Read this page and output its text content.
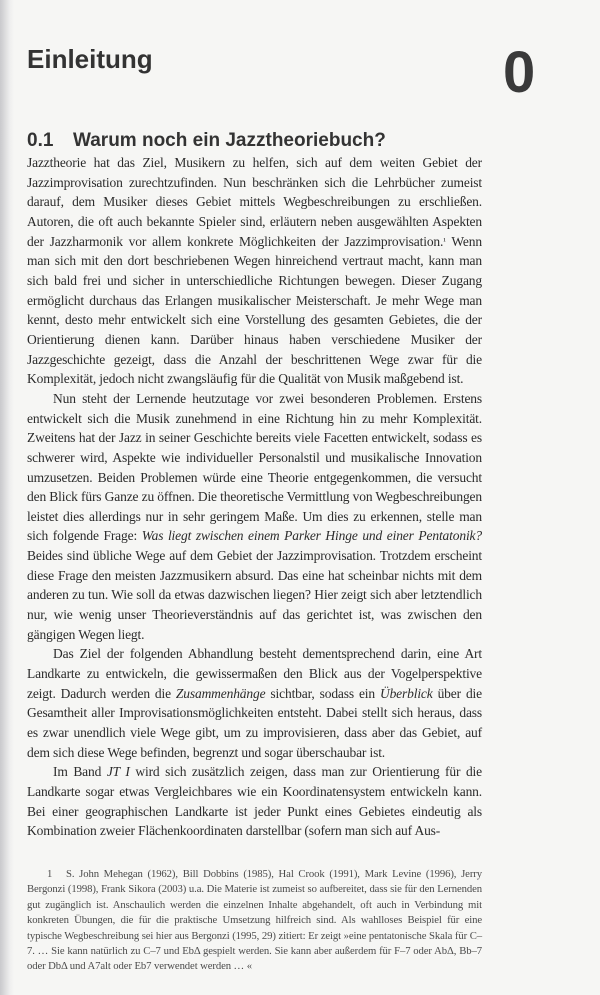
Einleitung	0
0.1 Warum noch ein Jazztheoriebuch?

Jazztheorie hat das Ziel, Musikern zu helfen, sich auf dem weiten Gebiet der Jazzimprovisation zurechtzufinden. Nun beschränken sich die Lehrbücher zumeist darauf, dem Musiker dieses Gebiet mittels Wegbeschreibungen zu erschließen. Autoren, die oft auch bekannte Spieler sind, erläutern neben ausgewählten Aspekten der Jazzharmonik vor allem konkrete Möglichkeiten der Jazzimprovisation.$^{^1}$ Wenn man sich mit den dort beschriebenen Wegen hinreichend vertraut macht, kann man sich bald frei und sicher in unterschiedliche Richtungen bewegen. Dieser Zugang ermöglicht durchaus das Erlangen musikalischer Meisterschaft. Je mehr Wege man kennt, desto mehr entwickelt sich eine Vorstellung des gesamten Gebietes, die der Orientierung dienen kann. Darüber hinaus haben verschiedene Musiker der Jazzgeschichte gezeigt, dass die Anzahl der beschrittenen Wege zwar für die Komplexität, jedoch nicht zwangsläufig für die Qualität von Musik maßgebend ist.

Nun steht der Lernende heutzutage vor zwei besonderen Problemen. Erstens entwickelt sich die Musik zunehmend in eine Richtung hin zu mehr Komplexität. Zweitens hat der Jazz in seiner Geschichte bereits viele Facetten entwickelt, sodass es schwerer wird, Aspekte wie individueller Personalstil und musikalische Innovation umzusetzen. Beiden Problemen würde eine Theorie entgegenkommen, die versucht den Blick fürs Ganze zu öffnen. Die theoretische Vermittlung von Wegbeschreibungen leistet dies allerdings nur in sehr geringem Maße. Um dies zu erkennen, stelle man sich folgende Frage: Was liegt zwischen einem Parker Hinge und einer Pentatonik? Beides sind übliche Wege auf dem Gebiet der Jazzimprovisation. Trotzdem erscheint diese Frage den meisten Jazzmusikern absurd. Das eine hat scheinbar nichts mit dem anderen zu tun. Wie soll da etwas dazwischen liegen? Hier zeigt sich aber letztendlich nur, wie wenig unser Theorieverständnis auf das gerichtet ist, was zwischen den gängigen Wegen liegt.

Das Ziel der folgenden Abhandlung besteht dementsprechend darin, eine Art Landkarte zu entwickeln, die gewissermaßen den Blick aus der Vogelperspektive zeigt. Dadurch werden die Zusammenhänge sichtbar, sodass ein Überblick über die Gesamtheit aller Improvisationsmöglichkeiten entsteht. Dabei stellt sich heraus, dass es zwar unendlich viele Wege gibt, um zu improvisieren, dass aber das Gebiet, auf dem sich diese Wege befinden, begrenzt und sogar überschaubar ist.

Im Band JT I wird sich zusätzlich zeigen, dass man zur Orientierung für die Landkarte sogar etwas Vergleichbares wie ein Koordinatensystem entwickeln kann. Bei einer geographischen Landkarte ist jeder Punkt eines Gebietes eindeutig als Kombination zweier Flächenkoordinaten darstellbar (sofern man sich auf Aus-

1 S. John Mehegan (1962), Bill Dobbins (1985), Hal Crook (1991), Mark Levine (1996), Jerry Bergonzi (1998), Frank Sikora (2003) u.a. Die Materie ist zumeist so aufbereitet, dass sie für den Lernenden gut zugänglich ist. Anschaulich werden die einzelnen Inhalte abgehandelt, oft auch in Verbindung mit konkreten Übungen, die für die praktische Umsetzung hilfreich sind. Als wahlloses Beispiel für eine typische Wegbeschreibung sei hier aus Bergonzi (1995, 29) zitiert: Er zeigt »eine pentatonische Skala für C–7. … Sie kann natürlich zu C–7 und EbΔ gespielt werden. Sie kann aber außerdem für F–7 oder AbΔ, Bb–7 oder DbΔ und A7alt oder Eb7 verwendet werden … «
